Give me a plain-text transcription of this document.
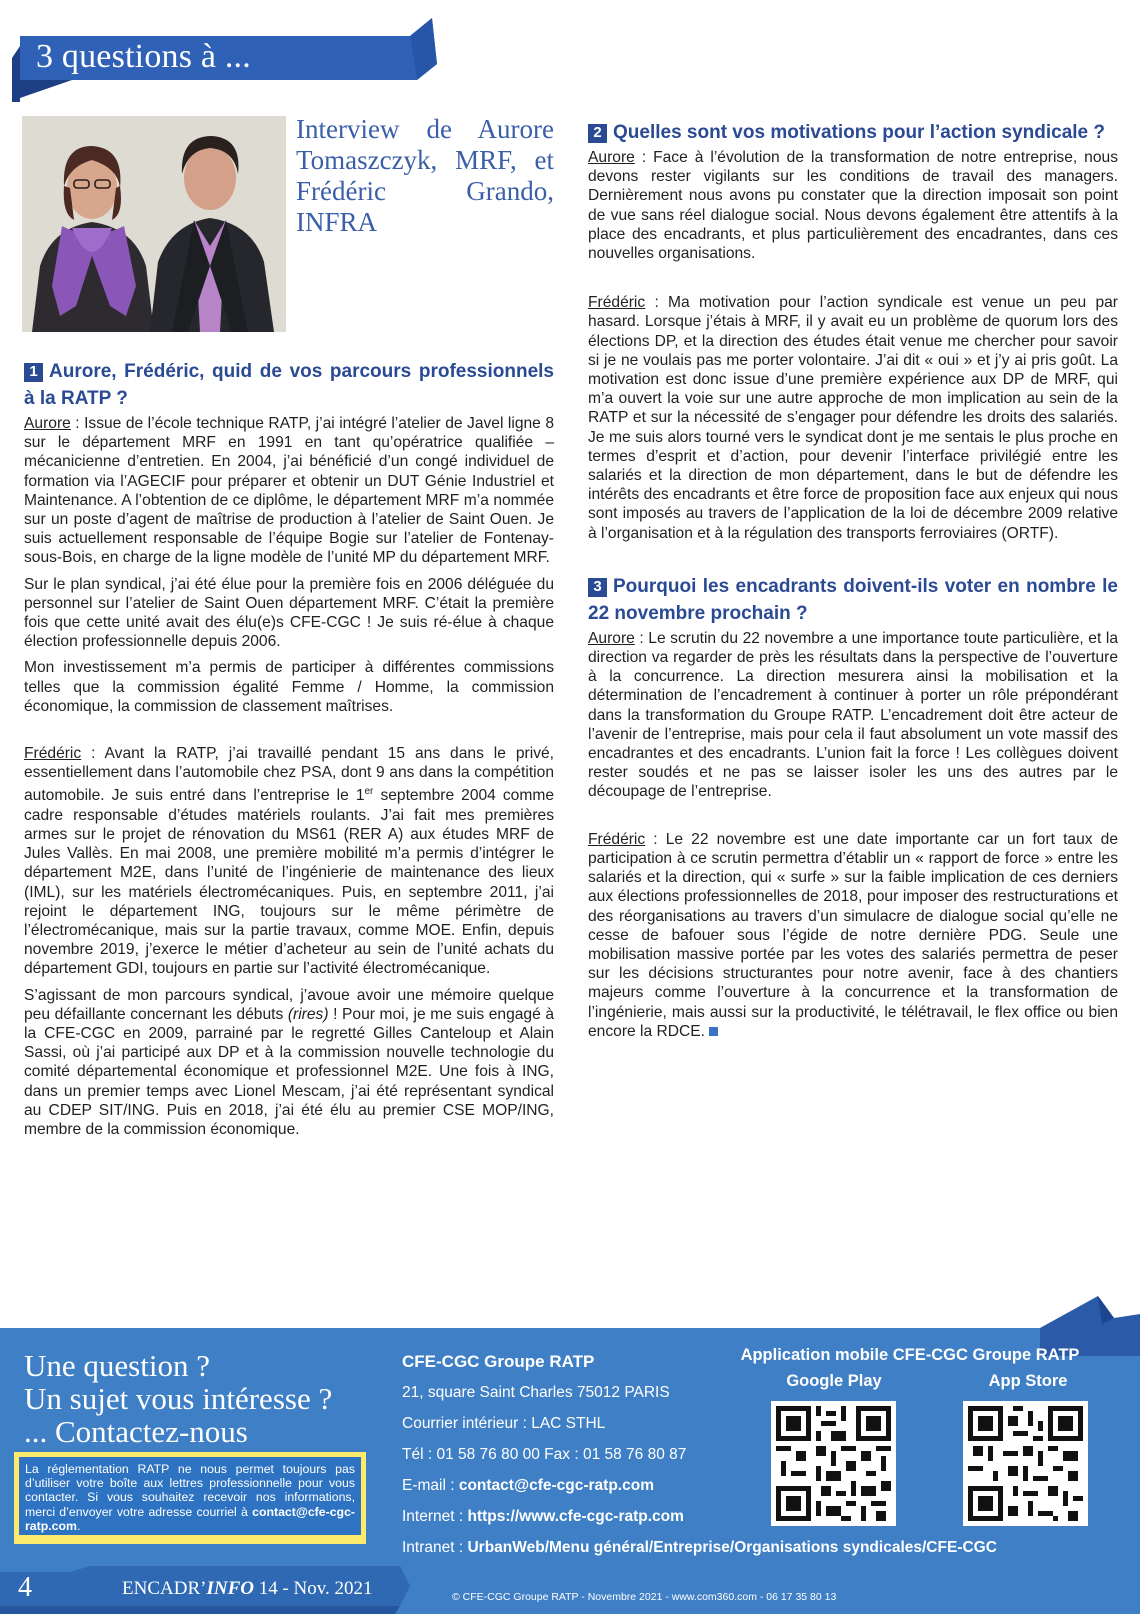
3 questions à ...
Interview de Aurore Tomaszczyk, MRF, et Frédéric Grando, INFRA
1 Aurore, Frédéric, quid de vos parcours professionnels à la RATP ?

Aurore : Issue de l’école technique RATP, j’ai intégré l’atelier de Javel ligne 8 sur le département MRF en 1991 en tant qu’opératrice qualifiée – mécanicienne d’entretien. En 2004, j’ai bénéficié d’un congé individuel de formation via l’AGECIF pour préparer et obtenir un DUT Génie Industriel et Maintenance. A l’obtention de ce diplôme, le département MRF m’a nommée sur un poste d’agent de maîtrise de production à l’atelier de Saint Ouen. Je suis actuellement responsable de l’équipe Bogie sur l’atelier de Fontenay-sous-Bois, en charge de la ligne modèle de l’unité MP du département MRF.

Sur le plan syndical, j’ai été élue pour la première fois en 2006 déléguée du personnel sur l’atelier de Saint Ouen département MRF. C’était la première fois que cette unité avait des élu(e)s CFE-CGC ! Je suis ré-élue à chaque élection professionnelle depuis 2006.

Mon investissement m’a permis de participer à différentes commissions telles que la commission égalité Femme / Homme, la commission économique, la commission de classement maîtrises.

Frédéric : Avant la RATP, j’ai travaillé pendant 15 ans dans le privé, essentiellement dans l’automobile chez PSA, dont 9 ans dans la compétition automobile. Je suis entré dans l’entreprise le 1er septembre 2004 comme cadre responsable d’études matériels roulants. J’ai fait mes premières armes sur le projet de rénovation du MS61 (RER A) aux études MRF de Jules Vallès. En mai 2008, une première mobilité m’a permis d’intégrer le département M2E, dans l’unité de l’ingénierie de maintenance des lieux (IML), sur les matériels électromécaniques. Puis, en septembre 2011, j’ai rejoint le département ING, toujours sur le même périmètre de l’électromécanique, mais sur la partie travaux, comme MOE. Enfin, depuis novembre 2019, j’exerce le métier d’acheteur au sein de l’unité achats du département GDI, toujours en partie sur l’activité électromécanique.

S’agissant de mon parcours syndical, j’avoue avoir une mémoire quelque peu défaillante concernant les débuts (rires) ! Pour moi, je me suis engagé à la CFE-CGC en 2009, parrainé par le regretté Gilles Canteloup et Alain Sassi, où j’ai participé aux DP et à la commission nouvelle technologie du comité départemental économique et professionnel M2E. Une fois à ING, dans un premier temps avec Lionel Mescam, j’ai été représentant syndical au CDEP SIT/ING. Puis en 2018, j’ai été élu au premier CSE MOP/ING, membre de la commission économique.

2 Quelles sont vos motivations pour l’action syndicale ?

Aurore : Face à l’évolution de la transformation de notre entreprise, nous devons rester vigilants sur les conditions de travail des managers. Dernièrement nous avons pu constater que la direction imposait son point de vue sans réel dialogue social. Nous devons également être attentifs à la place des encadrants, et plus particulièrement des encadrantes, dans ces nouvelles organisations.

Frédéric : Ma motivation pour l’action syndicale est venue un peu par hasard. Lorsque j’étais à MRF, il y avait eu un problème de quorum lors des élections DP, et la direction des études était venue me chercher pour savoir si je ne voulais pas me porter volontaire. J’ai dit « oui » et j’y ai pris goût. La motivation est donc issue d’une première expérience aux DP de MRF, qui m’a ouvert la voie sur une autre approche de mon implication au sein de la RATP et sur la nécessité de s’engager pour défendre les droits des salariés. Je me suis alors tourné vers le syndicat dont je me sentais le plus proche en termes d’esprit et d’action, pour devenir l’interface privilégié entre les salariés et la direction de mon département, dans le but de défendre les intérêts des encadrants et être force de proposition face aux enjeux qui nous sont imposés au travers de l’application de la loi de décembre 2009 relative à l’organisation et à la régulation des transports ferroviaires (ORTF).

3 Pourquoi les encadrants doivent-ils voter en nombre le 22 novembre prochain ?

Aurore : Le scrutin du 22 novembre a une importance toute particulière, et la direction va regarder de près les résultats dans la perspective de l’ouverture à la concurrence. La direction mesurera ainsi la mobilisation et la détermination de l’encadrement à continuer à porter un rôle prépondérant dans la transformation du Groupe RATP. L’encadrement doit être acteur de l’avenir de l’entreprise, mais pour cela il faut absolument un vote massif des encadrantes et des encadrants. L’union fait la force ! Les collègues doivent rester soudés et ne pas se laisser isoler les uns des autres par le découpage de l’entreprise.

Frédéric : Le 22 novembre est une date importante car un fort taux de participation à ce scrutin permettra d’établir un « rapport de force » entre les salariés et la direction, qui « surfe » sur la faible implication de ces derniers aux élections professionnelles de 2018, pour imposer des restructurations et des réorganisations au travers d’un simulacre de dialogue social qu’elle ne cesse de bafouer sous l’égide de notre dernière PDG. Seule une mobilisation massive portée par les votes des salariés permettra de peser sur les décisions structurantes pour notre avenir, face à des chantiers majeurs comme l’ouverture à la concurrence et la transformation de l’ingénierie, mais aussi sur la productivité, le télétravail, le flex office ou bien encore la RDCE.

Une question ?
Un sujet vous intéresse ?
... Contactez-nous
La réglementation RATP ne nous permet toujours pas d’utiliser votre boîte aux lettres professionnelle pour vous contacter. Si vous souhaitez recevoir nos informations, merci d’envoyer votre adresse courriel à contact@cfe-cgc-ratp.com.
CFE-CGC Groupe RATP
21, square Saint Charles 75012 PARIS
Courrier intérieur : LAC STHL
Tél : 01 58 76 80 00 Fax : 01 58 76 80 87
E-mail : contact@cfe-cgc-ratp.com
Internet : https://www.cfe-cgc-ratp.com
Intranet : UrbanWeb/Menu général/Entreprise/Organisations syndicales/CFE-CGC
Application mobile CFE-CGC Groupe RATP
Google Play	App Store
4	ENCADR’INFO 14 - Nov. 2021	© CFE-CGC Groupe RATP - Novembre 2021 - www.com360.com - 06 17 35 80 13
